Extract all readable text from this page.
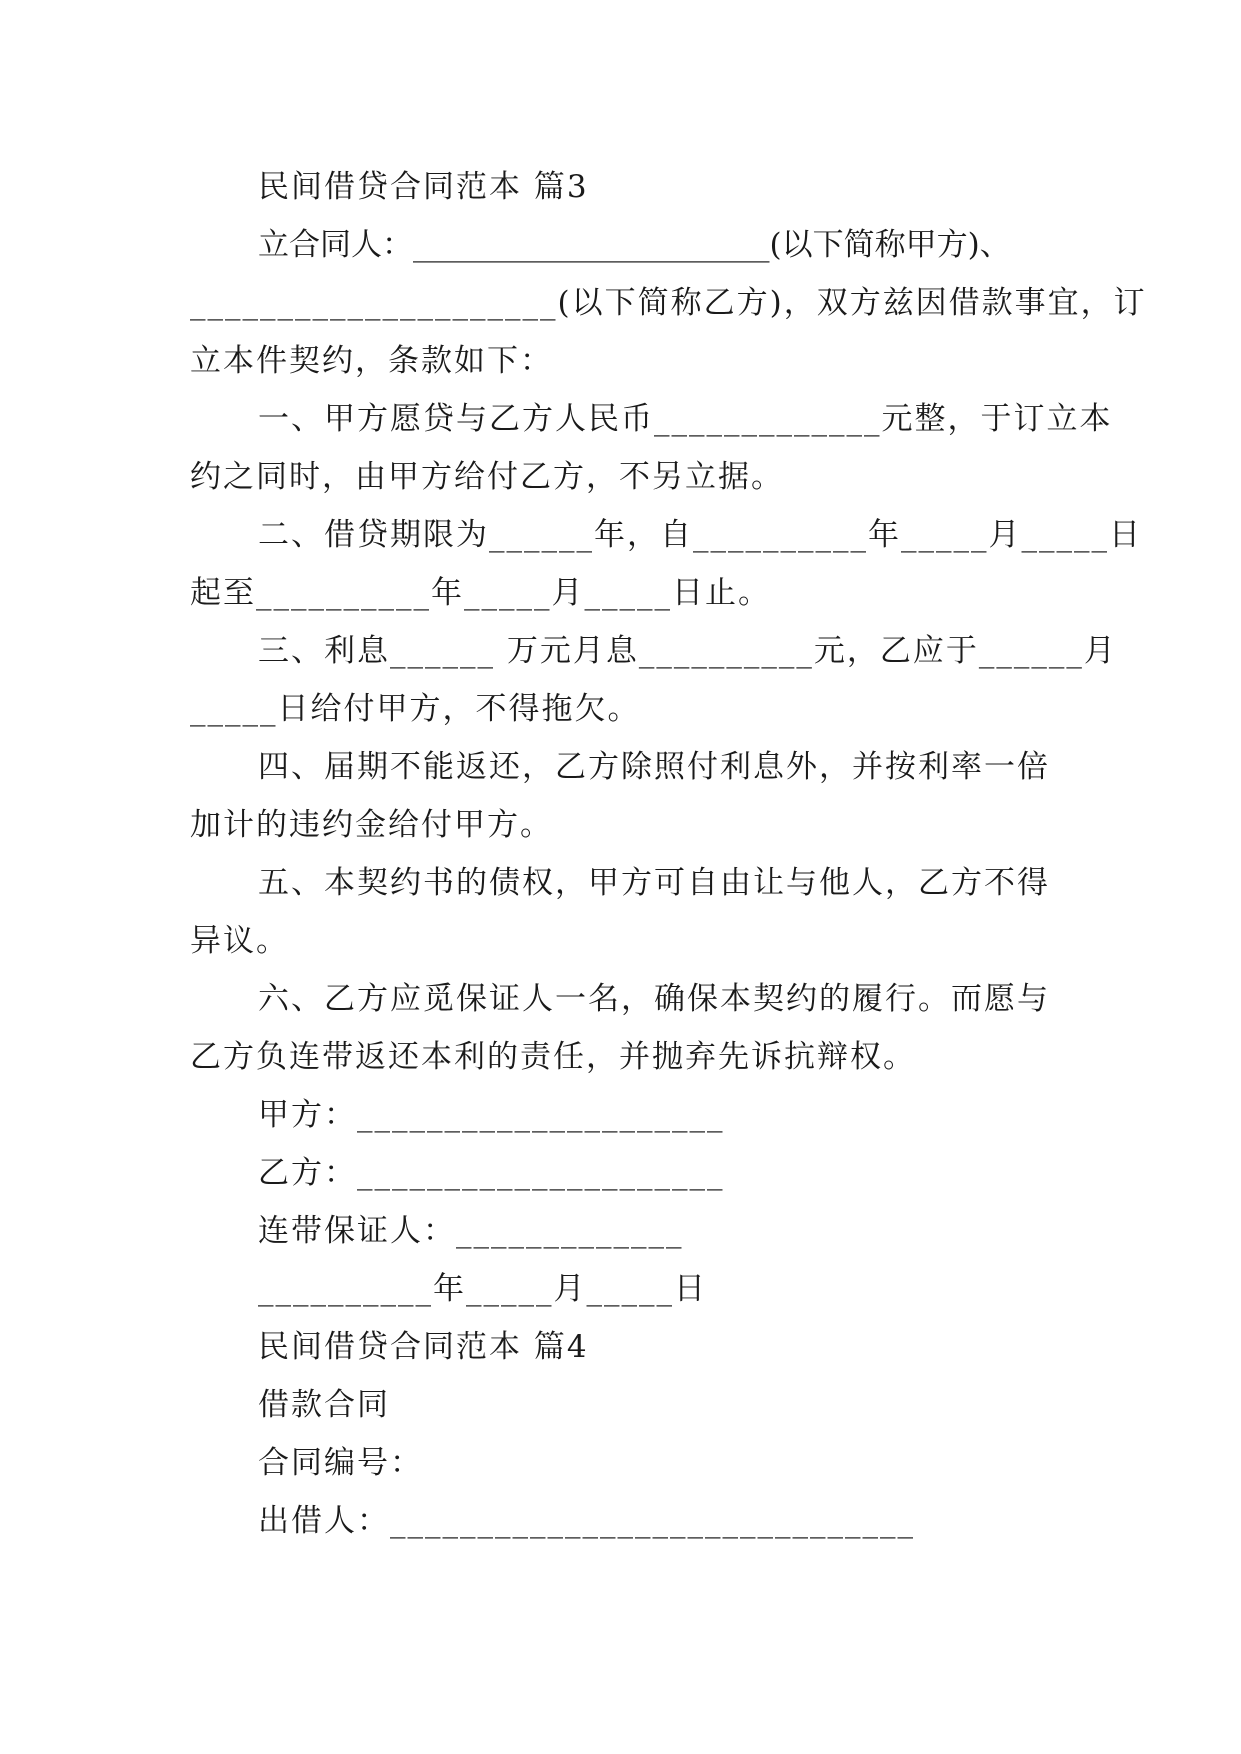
民间借贷合同范本 篇3
立合同人：_______________________(以下简称甲方)、
_____________________(以下简称乙方)，双方兹因借款事宜，订
立本件契约，条款如下：
一、甲方愿贷与乙方人民币_____________元整，于订立本
约之同时，由甲方给付乙方，不另立据。
二、借贷期限为______年，自__________年_____月_____日
起至__________年_____月_____日止。
三、利息______ 万元月息__________元，乙应于______月
_____日给付甲方，不得拖欠。
四、届期不能返还，乙方除照付利息外，并按利率一倍
加计的违约金给付甲方。
五、本契约书的债权，甲方可自由让与他人，乙方不得
异议。
六、乙方应觅保证人一名，确保本契约的履行。而愿与
乙方负连带返还本利的责任，并抛弃先诉抗辩权。
甲方：_____________________
乙方：_____________________
连带保证人：_____________
__________年_____月_____日
民间借贷合同范本 篇4
借款合同
合同编号：
出借人：______________________________
